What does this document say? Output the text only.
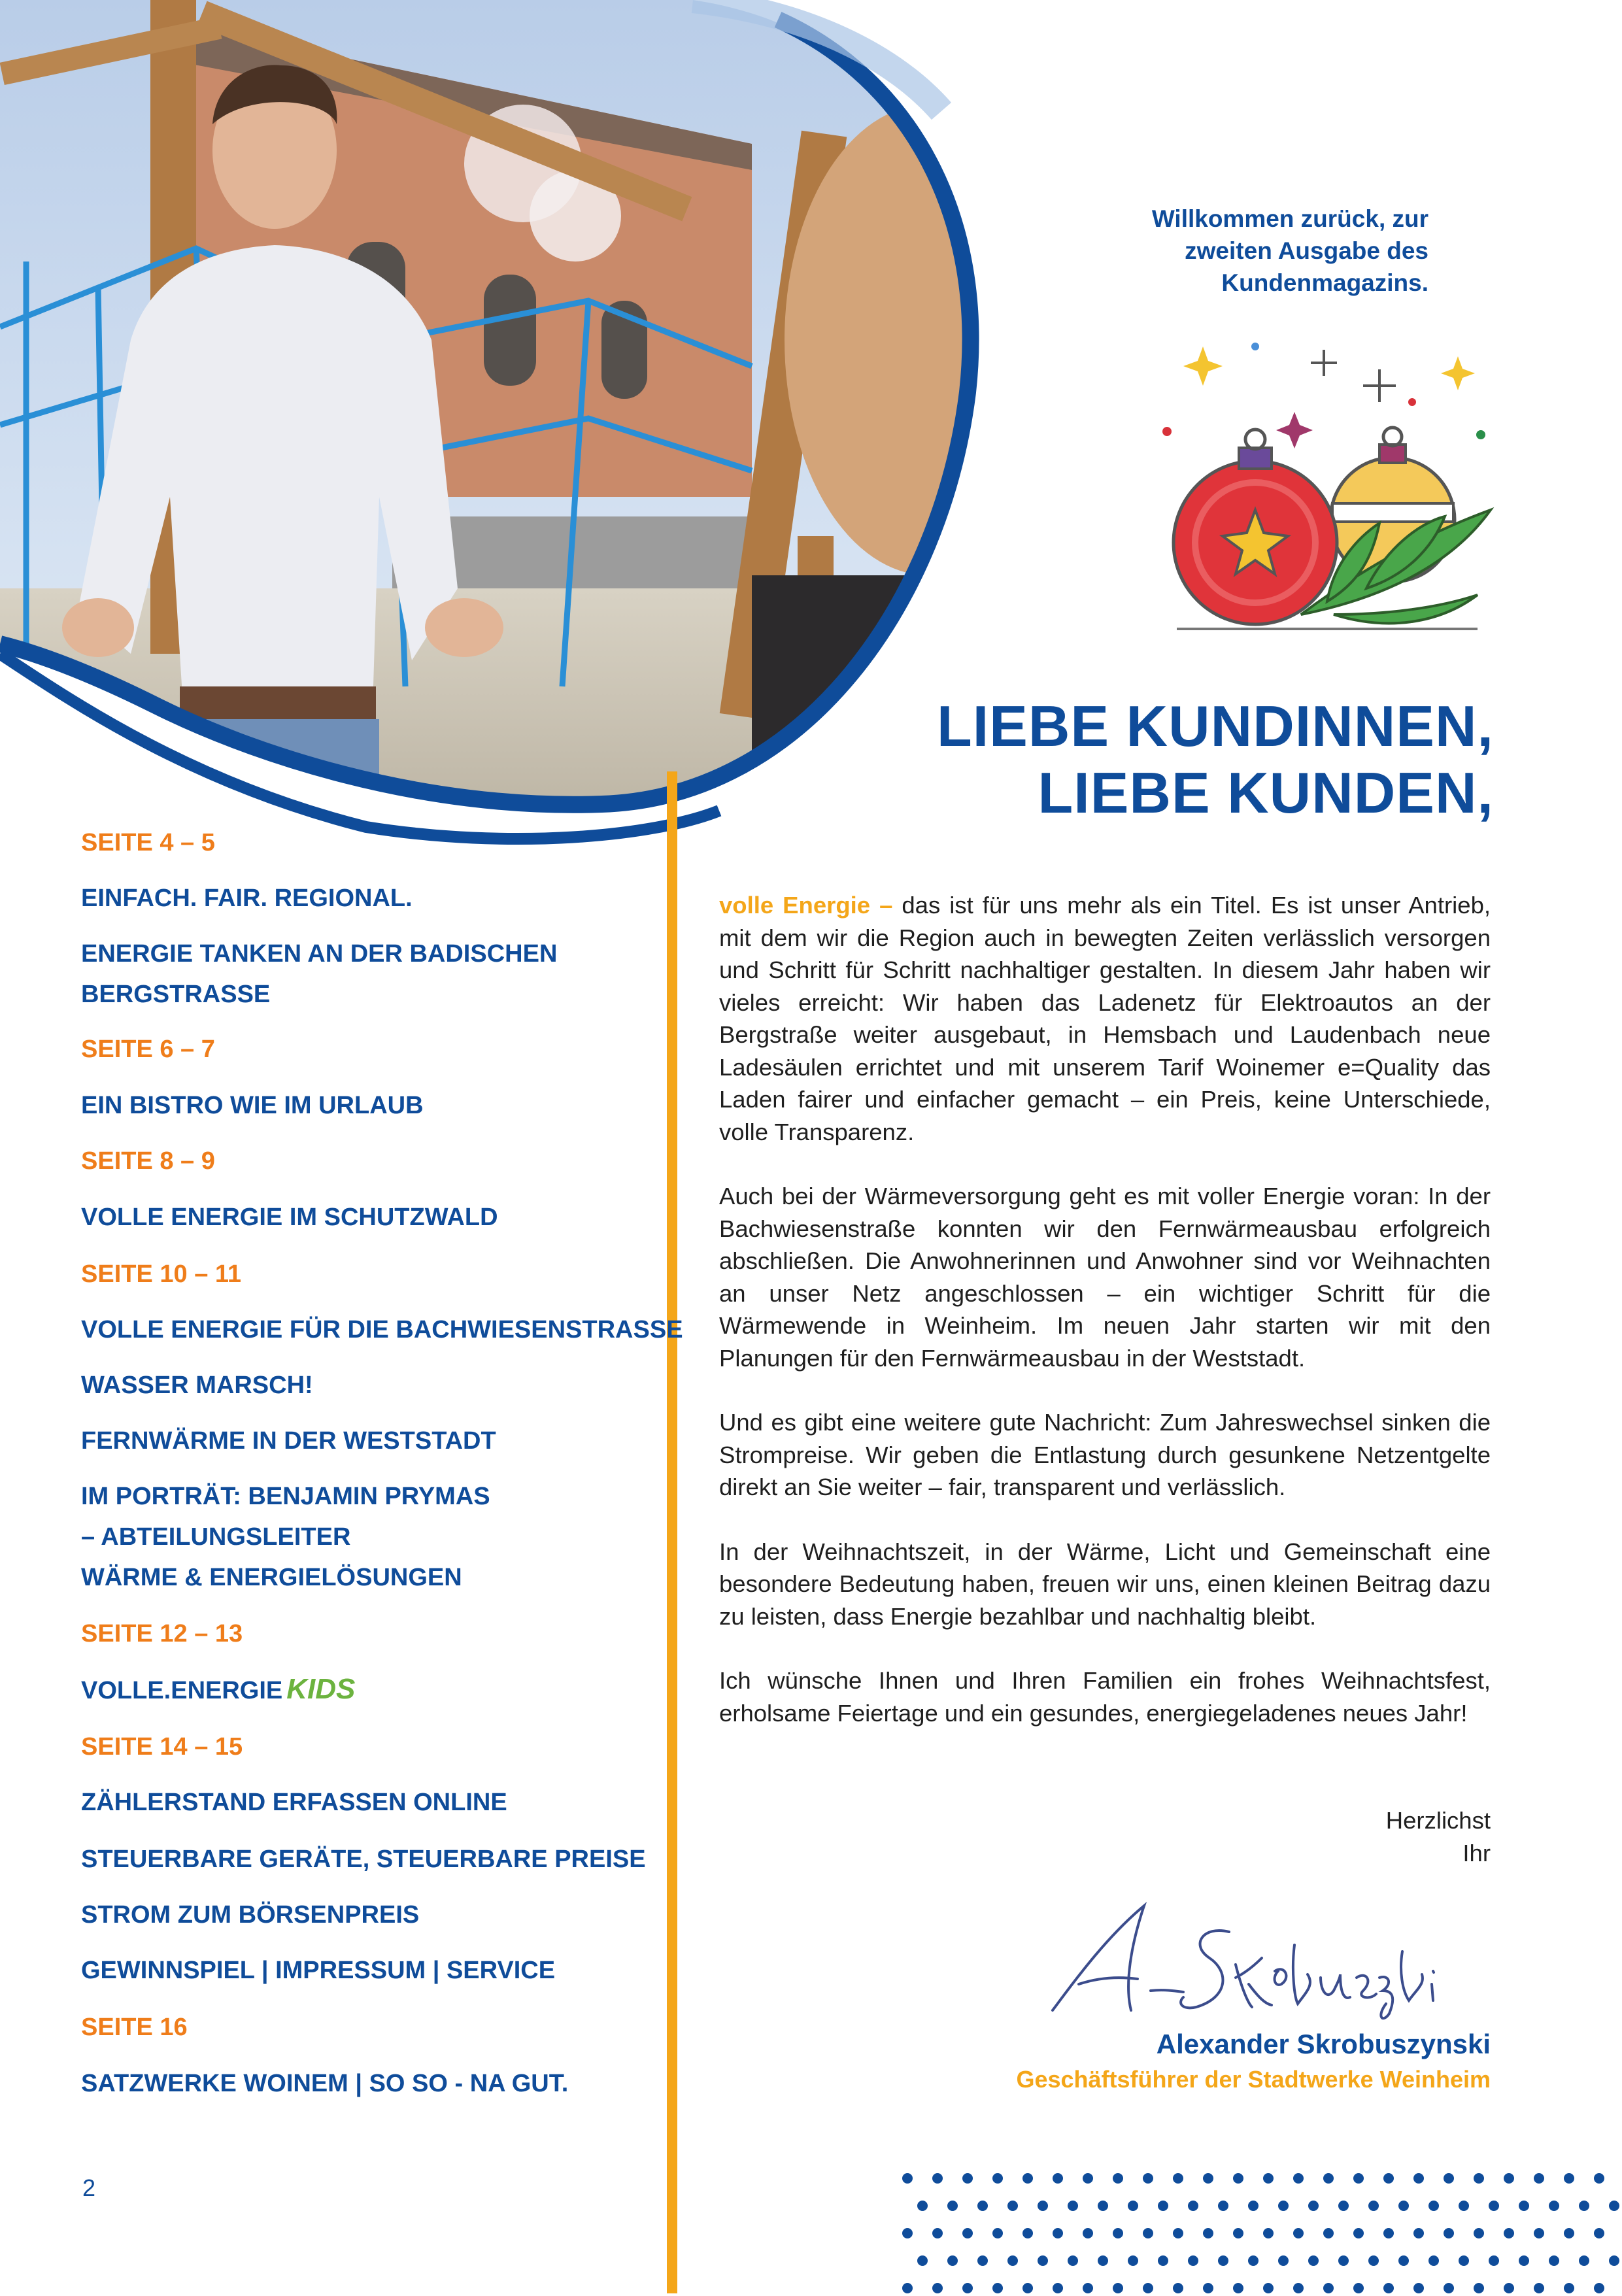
Willkommen zurück, zur
zweiten Ausgabe des
Kundenmagazins.
LIEBE KUNDINNEN,
LIEBE KUNDEN,
SEITE 4 – 5
EINFACH. FAIR. REGIONAL.
ENERGIE TANKEN AN DER BADISCHEN
BERGSTRASSE
SEITE 6 – 7
EIN BISTRO WIE IM URLAUB
SEITE 8 – 9
VOLLE ENERGIE IM SCHUTZWALD
SEITE 10 – 11
VOLLE ENERGIE FÜR DIE BACHWIESENSTRASSE
WASSER MARSCH!
FERNWÄRME IN DER WESTSTADT
IM PORTRÄT: BENJAMIN PRYMAS
– ABTEILUNGSLEITER
WÄRME & ENERGIELÖSUNGEN
SEITE 12 – 13
VOLLE.ENERGIE KIDS
SEITE 14 – 15
ZÄHLERSTAND ERFASSEN ONLINE
STEUERBARE GERÄTE, STEUERBARE PREISE
STROM ZUM BÖRSENPREIS
GEWINNSPIEL | IMPRESSUM | SERVICE
SEITE 16
SATZWERKE WOINEM | SO SO - NA GUT.
2

volle Energie – das ist für uns mehr als ein Titel. Es ist unser Antrieb, mit dem wir die Region auch in bewegten Zeiten verlässlich versorgen und Schritt für Schritt nachhaltiger gestalten. In diesem Jahr haben wir vieles erreicht: Wir haben das Ladenetz für Elektroautos an der Bergstraße weiter ausgebaut, in Hemsbach und Laudenbach neue Ladesäulen errichtet und mit unserem Tarif Woinemer e=Quality das Laden fairer und einfacher gemacht – ein Preis, keine Unterschiede, volle Transparenz.

Auch bei der Wärmeversorgung geht es mit voller Energie voran: In der Bachwiesenstraße konnten wir den Fernwärmeausbau erfolgreich abschließen. Die Anwohnerinnen und Anwohner sind vor Weihnachten an unser Netz angeschlossen – ein wichtiger Schritt für die Wärmewende in Weinheim. Im neuen Jahr starten wir mit den Planungen für den Fernwärmeausbau in der Weststadt.

Und es gibt eine weitere gute Nachricht: Zum Jahreswechsel sinken die Strompreise. Wir geben die Entlastung durch gesunkene Netzentgelte direkt an Sie weiter – fair, transparent und verlässlich.

In der Weihnachtszeit, in der Wärme, Licht und Gemeinschaft eine besondere Bedeutung haben, freuen wir uns, einen kleinen Beitrag dazu zu leisten, dass Energie bezahlbar und nachhaltig bleibt.

Ich wünsche Ihnen und Ihren Familien ein frohes Weihnachtsfest, erholsame Feiertage und ein gesundes, energiegeladenes neues Jahr!

Herzlichst
Ihr
Alexander Skrobuszynski
Geschäftsführer der Stadtwerke Weinheim
